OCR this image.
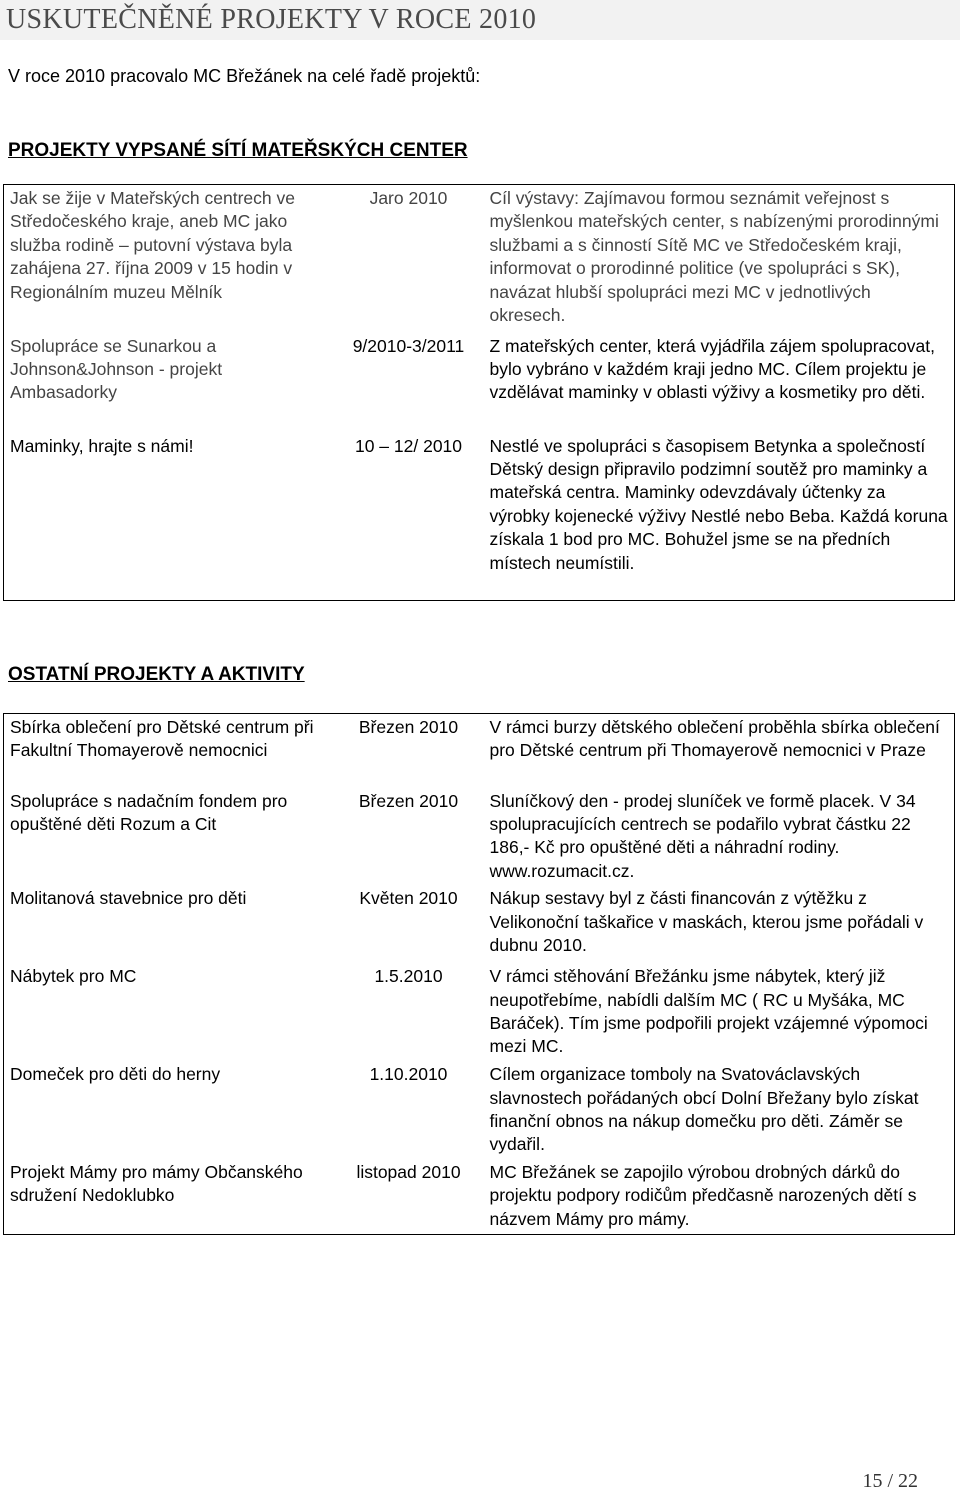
USKUTEČNĚNÉ PROJEKTY V ROCE 2010
V roce 2010 pracovalo MC Břežánek na celé řadě projektů:
PROJEKTY VYPSANÉ SÍTÍ MATEŘSKÝCH CENTER
Jak se žije v Mateřských centrech ve Středočeského kraje, aneb MC jako služba rodině – putovní výstava byla zahájena 27. října 2009 v 15 hodin v Regionálním muzeu Mělník	Jaro 2010	Cíl výstavy: Zajímavou formou seznámit veřejnost s myšlenkou mateřských center, s nabízenými prorodinnými službami a s činností Sítě MC ve Středočeském kraji, informovat o prorodinné politice (ve spolupráci s SK), navázat hlubší spolupráci mezi MC v jednotlivých okresech.
Spolupráce se Sunarkou a Johnson&Johnson - projekt Ambasadorky	9/2010-3/2011	Z mateřských center, která vyjádřila zájem spolupracovat, bylo vybráno v každém kraji jedno MC. Cílem projektu je vzdělávat maminky v oblasti výživy a kosmetiky pro děti.
Maminky, hrajte s námi!	10 – 12/ 2010	Nestlé ve spolupráci s časopisem Betynka a společností Dětský design připravilo podzimní soutěž pro maminky a mateřská centra. Maminky odevzdávaly účtenky za výrobky kojenecké výživy Nestlé nebo Beba. Každá koruna získala 1 bod pro MC. Bohužel jsme se na předních místech neumístili.
OSTATNÍ PROJEKTY A AKTIVITY
Sbírka oblečení pro Dětské centrum při Fakultní Thomayerově nemocnici	Březen 2010	V rámci burzy dětského oblečení proběhla sbírka oblečení pro Dětské centrum při Thomayerově nemocnici v Praze
Spolupráce s nadačním fondem pro opuštěné děti Rozum a Cit	Březen 2010	Sluníčkový den - prodej sluníček ve formě placek. V 34 spolupracujících centrech se podařilo vybrat částku 22 186,- Kč pro opuštěné děti a náhradní rodiny. www.rozumacit.cz.
Molitanová stavebnice pro děti	Květen 2010	Nákup sestavy byl z části financován z výtěžku z Velikonoční taškařice v maskách, kterou jsme pořádali v dubnu 2010.
Nábytek pro MC	1.5.2010	V rámci stěhování Břežánku jsme nábytek, který již neupotřebíme, nabídli dalším MC ( RC u Myšáka, MC Baráček). Tím jsme podpořili projekt vzájemné výpomoci mezi MC.
Domeček pro děti do herny	1.10.2010	Cílem organizace tomboly na Svatováclavských slavnostech pořádaných obcí Dolní Břežany bylo získat finanční obnos na nákup domečku pro děti. Záměr se vydařil.
Projekt Mámy pro mámy Občanského sdružení Nedoklubko	listopad 2010	MC Břežánek se zapojilo výrobou drobných dárků do projektu podpory rodičům předčasně narozených dětí s názvem Mámy pro mámy.
15 / 22
